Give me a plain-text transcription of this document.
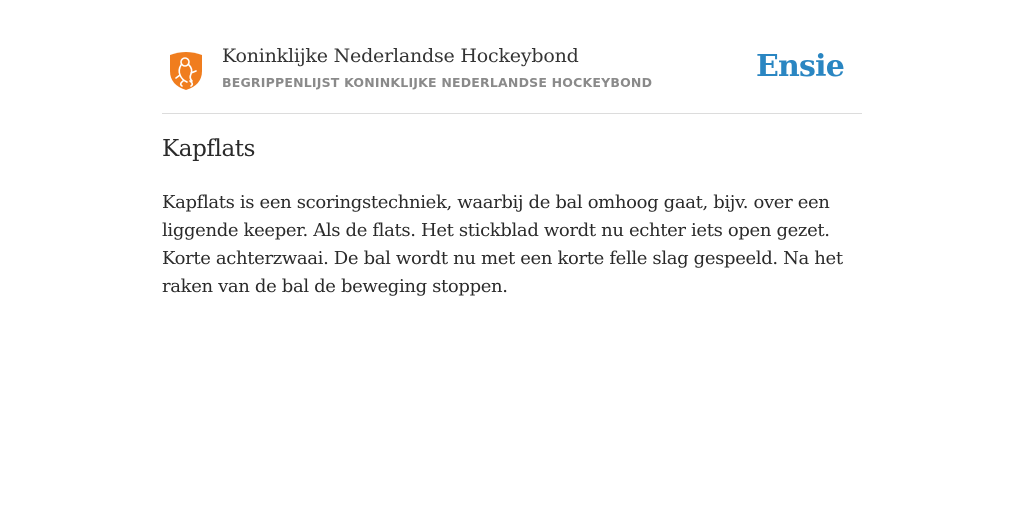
Koninklijke Nederlandse Hockeybond
BEGRIPPENLIJST KONINKLIJKE NEDERLANDSE HOCKEYBOND	Ensie
Kapflats

Kapflats is een scoringstechniek, waarbij de bal omhoog gaat, bijv. over een liggende keeper. Als de flats. Het stickblad wordt nu echter iets open gezet. Korte achterzwaai. De bal wordt nu met een korte felle slag gespeeld. Na het raken van de bal de beweging stoppen.
